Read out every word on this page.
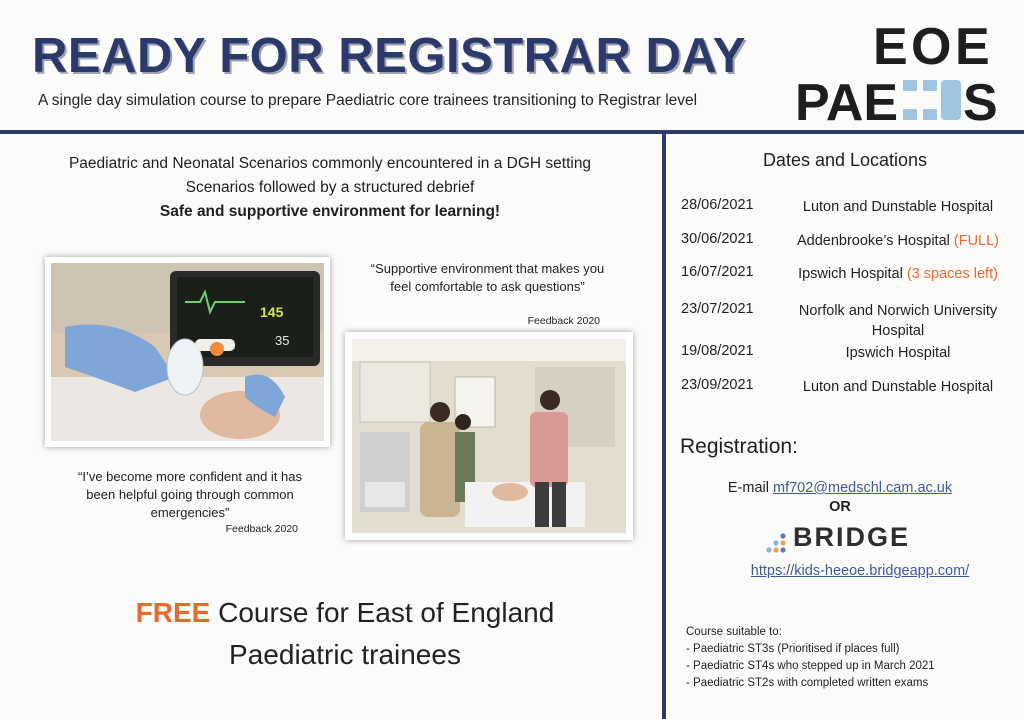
READY FOR REGISTRAR DAY
A single day simulation course to prepare Paediatric core trainees transitioning to Registrar level
E O E
PAE S
Paediatric and Neonatal Scenarios commonly encountered in a DGH setting
Scenarios followed by a structured debrief
Safe and supportive environment for learning!
145
35
“Supportive environment that makes you feel comfortable to ask questions”
Feedback 2020
“I’ve become more confident and it has been helpful going through common emergencies”
Feedback 2020
FREE Course for East of England
Paediatric trainees
Dates and Locations
28/06/2021	Luton and Dunstable Hospital
30/06/2021	Addenbrooke’s Hospital (FULL)
16/07/2021	Ipswich Hospital (3 spaces left)
23/07/2021	Norfolk and Norwich University Hospital
19/08/2021	Ipswich Hospital
23/09/2021	Luton and Dunstable Hospital
Registration:
E-mail mf702@medschl.cam.ac.uk
OR
BRIDGE
https://kids-heeoe.bridgeapp.com/
Course suitable to:
- Paediatric ST3s (Prioritised if places full)
- Paediatric ST4s who stepped up in March 2021
- Paediatric ST2s with completed written exams
